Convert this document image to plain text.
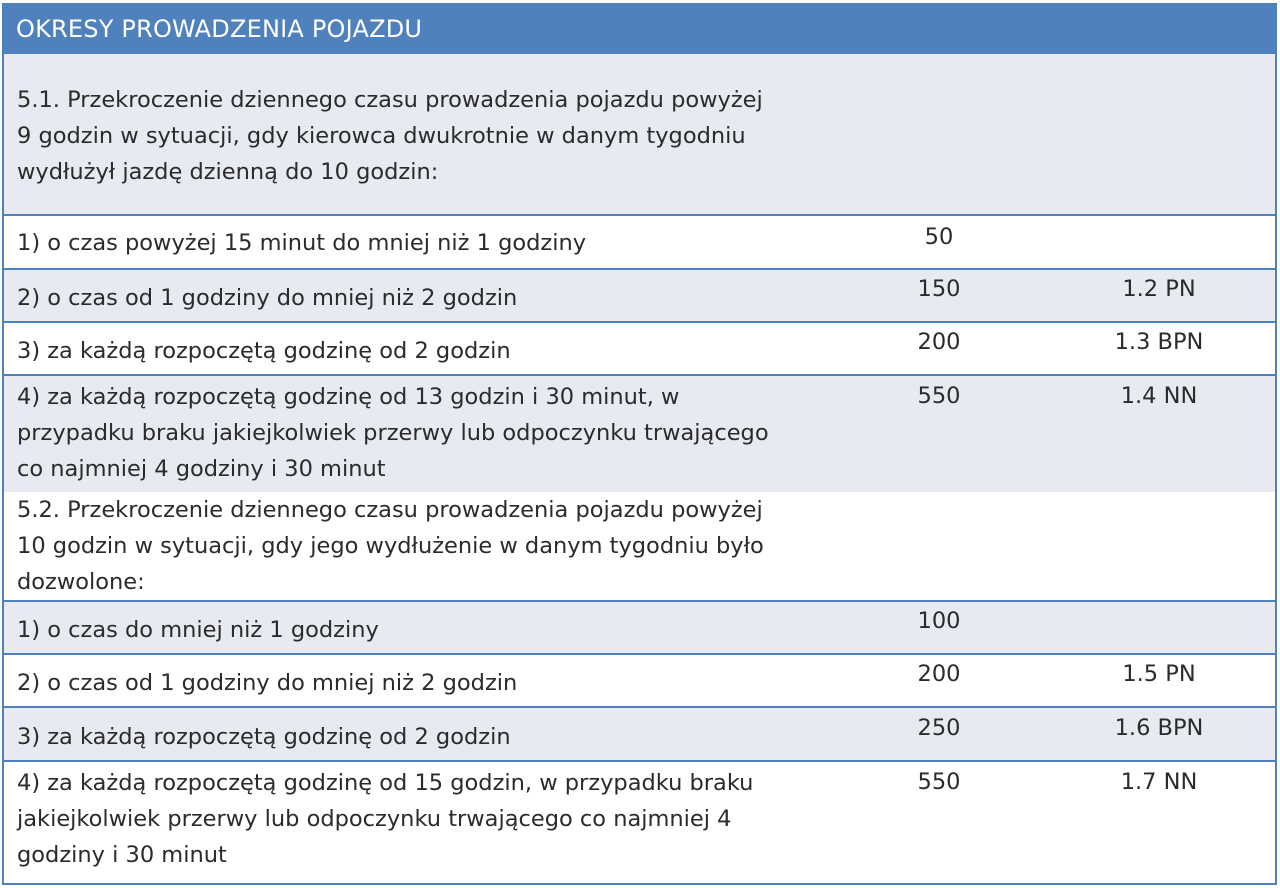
OKRESY PROWADZENIA POJAZDU
5.1. Przekroczenie dziennego czasu prowadzenia pojazdu powyżej
9 godzin w sytuacji, gdy kierowca dwukrotnie w danym tygodniu
wydłużył jazdę dzienną do 10 godzin:
1) o czas powyżej 15 minut do mniej niż 1 godziny	50
2) o czas od 1 godziny do mniej niż 2 godzin	150	1.2 PN
3) za każdą rozpoczętą godzinę od 2 godzin	200	1.3 BPN
4) za każdą rozpoczętą godzinę od 13 godzin i 30 minut, w
przypadku braku jakiejkolwiek przerwy lub odpoczynku trwającego
co najmniej 4 godziny i 30 minut
550	1.4 NN
5.2. Przekroczenie dziennego czasu prowadzenia pojazdu powyżej
10 godzin w sytuacji, gdy jego wydłużenie w danym tygodniu było
dozwolone:
1) o czas do mniej niż 1 godziny	100
2) o czas od 1 godziny do mniej niż 2 godzin	200	1.5 PN
3) za każdą rozpoczętą godzinę od 2 godzin	250	1.6 BPN
4) za każdą rozpoczętą godzinę od 15 godzin, w przypadku braku
jakiejkolwiek przerwy lub odpoczynku trwającego co najmniej 4
godziny i 30 minut
550	1.7 NN
